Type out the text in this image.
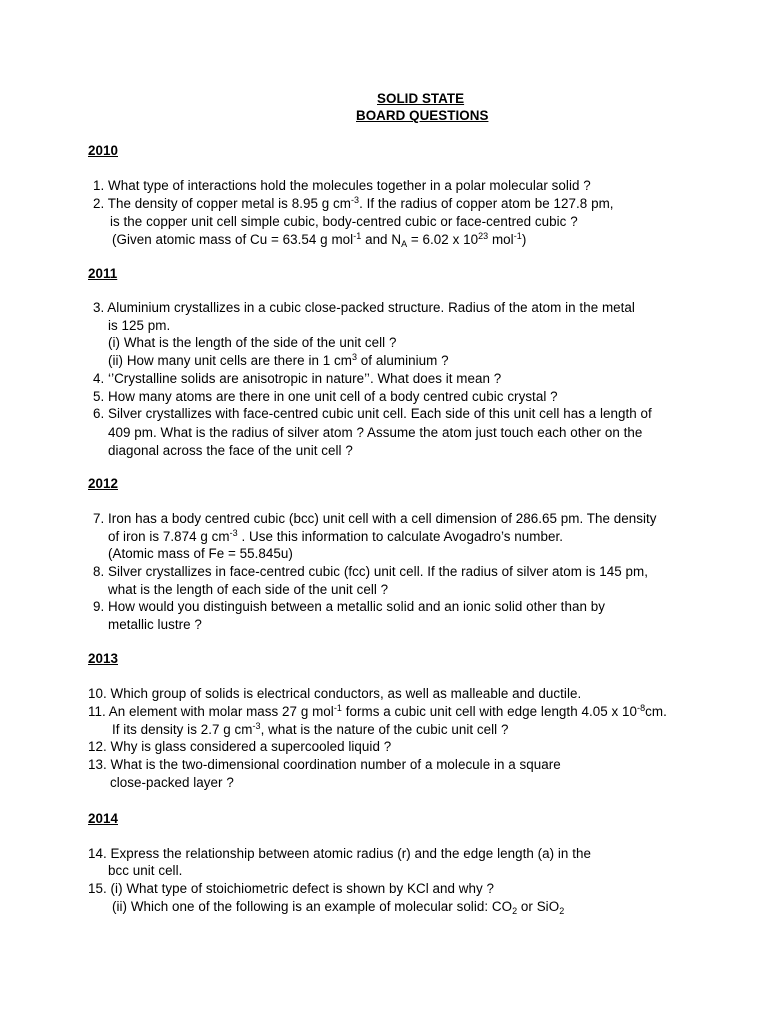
SOLID STATE
BOARD QUESTIONS
2010
1. What type of interactions hold the molecules together in a polar molecular solid ?
2. The density of copper metal is 8.95 g $cm^{-3}$. If the radius of copper atom be 127.8 pm,
is the copper unit cell simple cubic, body-centred cubic or face-centred cubic ?
(Given atomic mass of Cu = 63.54 g mol$^{-1}$ and $N_A = 6.02$ x $10^{23}$ mol$^{-1}$)
2011
3. Aluminium crystallizes in a cubic close-packed structure. Radius of the atom in the metal
is 125 pm.
(i) What is the length of the side of the unit cell ?
(ii) How many unit cells are there in 1 $cm^3$ of aluminium ?
4. ‘’Crystalline solids are anisotropic in nature’’. What does it mean ?
5. How many atoms are there in one unit cell of a body centred cubic crystal ?
6. Silver crystallizes with face-centred cubic unit cell. Each side of this unit cell has a length of
409 pm. What is the radius of silver atom ? Assume the atom just touch each other on the
diagonal across the face of the unit cell ?
2012
7. Iron has a body centred cubic (bcc) unit cell with a cell dimension of 286.65 pm. The density
of iron is 7.874 g $cm^{-3}$ . Use this information to calculate Avogadro’s number.
(Atomic mass of Fe = 55.845u)
8. Silver crystallizes in face-centred cubic (fcc) unit cell. If the radius of silver atom is 145 pm,
what is the length of each side of the unit cell ?
9. How would you distinguish between a metallic solid and an ionic solid other than by
metallic lustre ?
2013
10. Which group of solids is electrical conductors, as well as malleable and ductile.
11. An element with molar mass 27 g mol$^{-1}$ forms a cubic unit cell with edge length 4.05 x $10^{-8}cm$.
If its density is 2.7 g $cm^{-3}$, what is the nature of the cubic unit cell ?
12. Why is glass considered a supercooled liquid ?
13. What is the two-dimensional coordination number of a molecule in a square
close-packed layer ?
2014
14. Express the relationship between atomic radius (r) and the edge length (a) in the
bcc unit cell.
15. (i) What type of stoichiometric defect is shown by KCl and why ?
(ii) Which one of the following is an example of molecular solid: $CO_2$ or SiO$_2$
